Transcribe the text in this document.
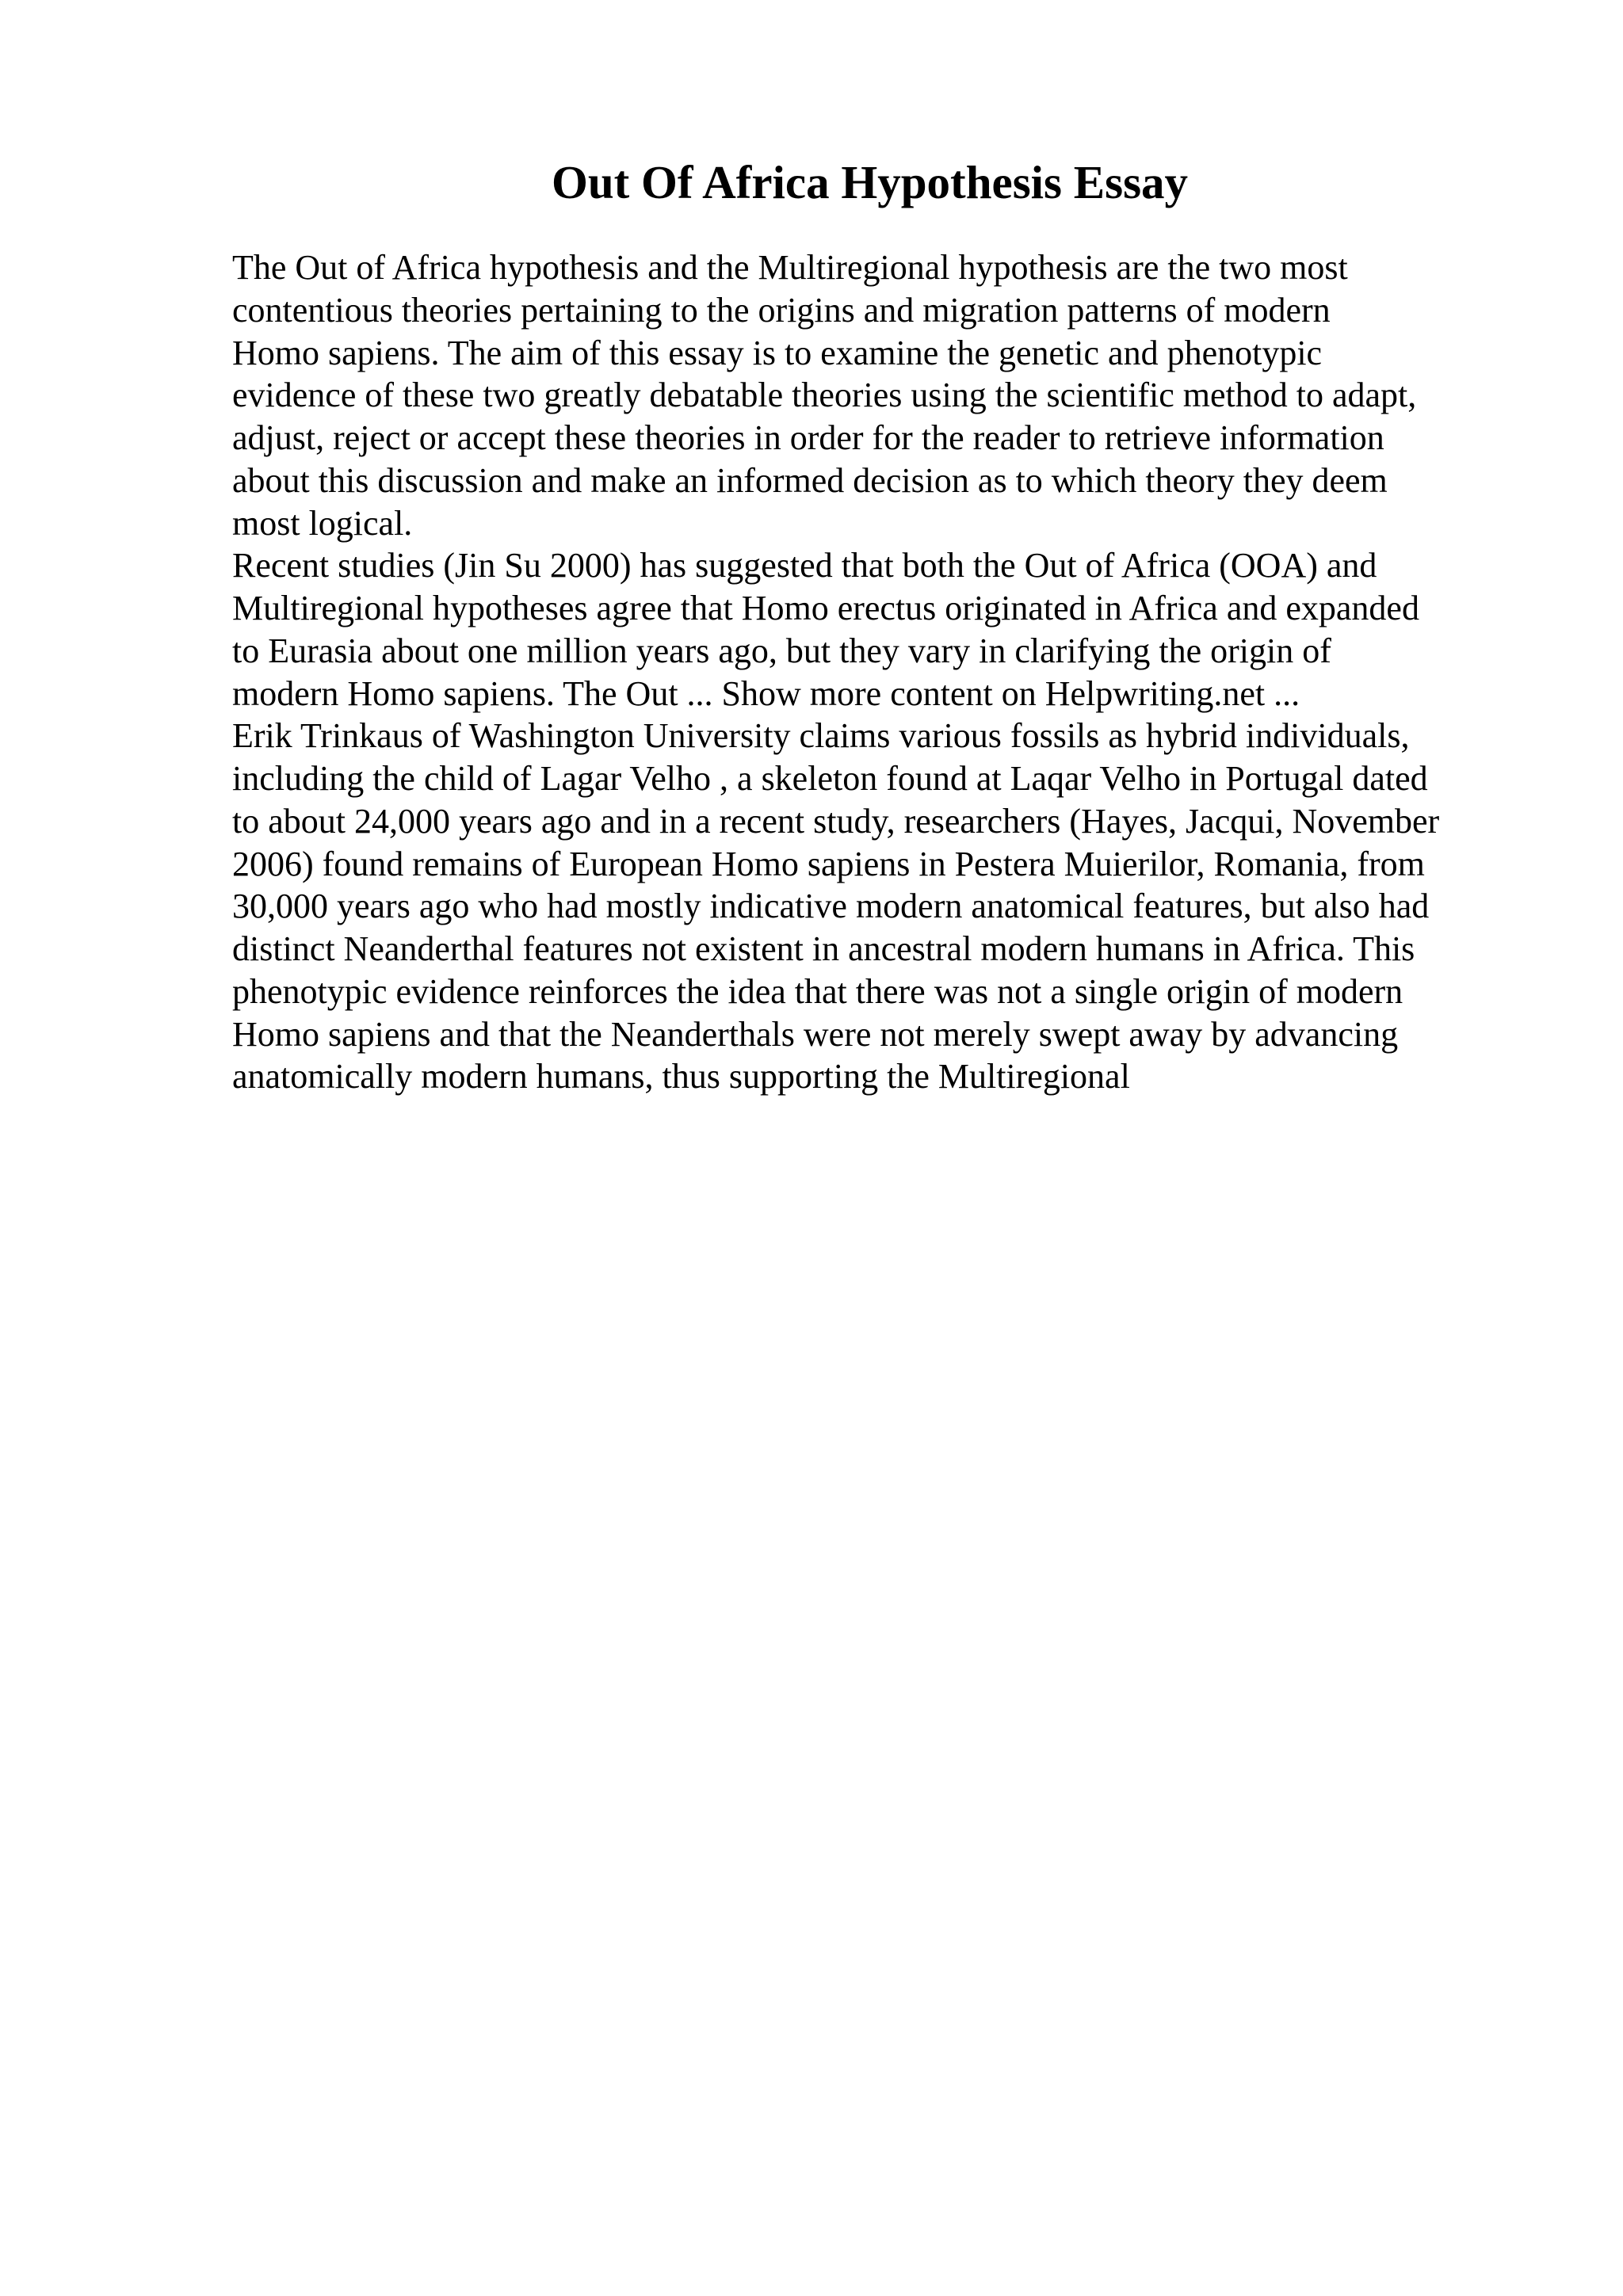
Out Of Africa Hypothesis Essay

The Out of Africa hypothesis and the Multiregional hypothesis are the two most
contentious theories pertaining to the origins and migration patterns of modern
Homo sapiens. The aim of this essay is to examine the genetic and phenotypic
evidence of these two greatly debatable theories using the scientific method to adapt,
adjust, reject or accept these theories in order for the reader to retrieve information
about this discussion and make an informed decision as to which theory they deem
most logical.

Recent studies (Jin Su 2000) has suggested that both the Out of Africa (OOA) and
Multiregional hypotheses agree that Homo erectus originated in Africa and expanded
to Eurasia about one million years ago, but they vary in clarifying the origin of
modern Homo sapiens. The Out ... Show more content on Helpwriting.net ...

Erik Trinkaus of Washington University claims various fossils as hybrid individuals,
including the child of Lagar Velho , a skeleton found at Laqar Velho in Portugal dated
to about 24,000 years ago and in a recent study, researchers (Hayes, Jacqui, November
2006) found remains of European Homo sapiens in Pestera Muierilor, Romania, from
30,000 years ago who had mostly indicative modern anatomical features, but also had
distinct Neanderthal features not existent in ancestral modern humans in Africa. This
phenotypic evidence reinforces the idea that there was not a single origin of modern
Homo sapiens and that the Neanderthals were not merely swept away by advancing
anatomically modern humans, thus supporting the Multiregional
